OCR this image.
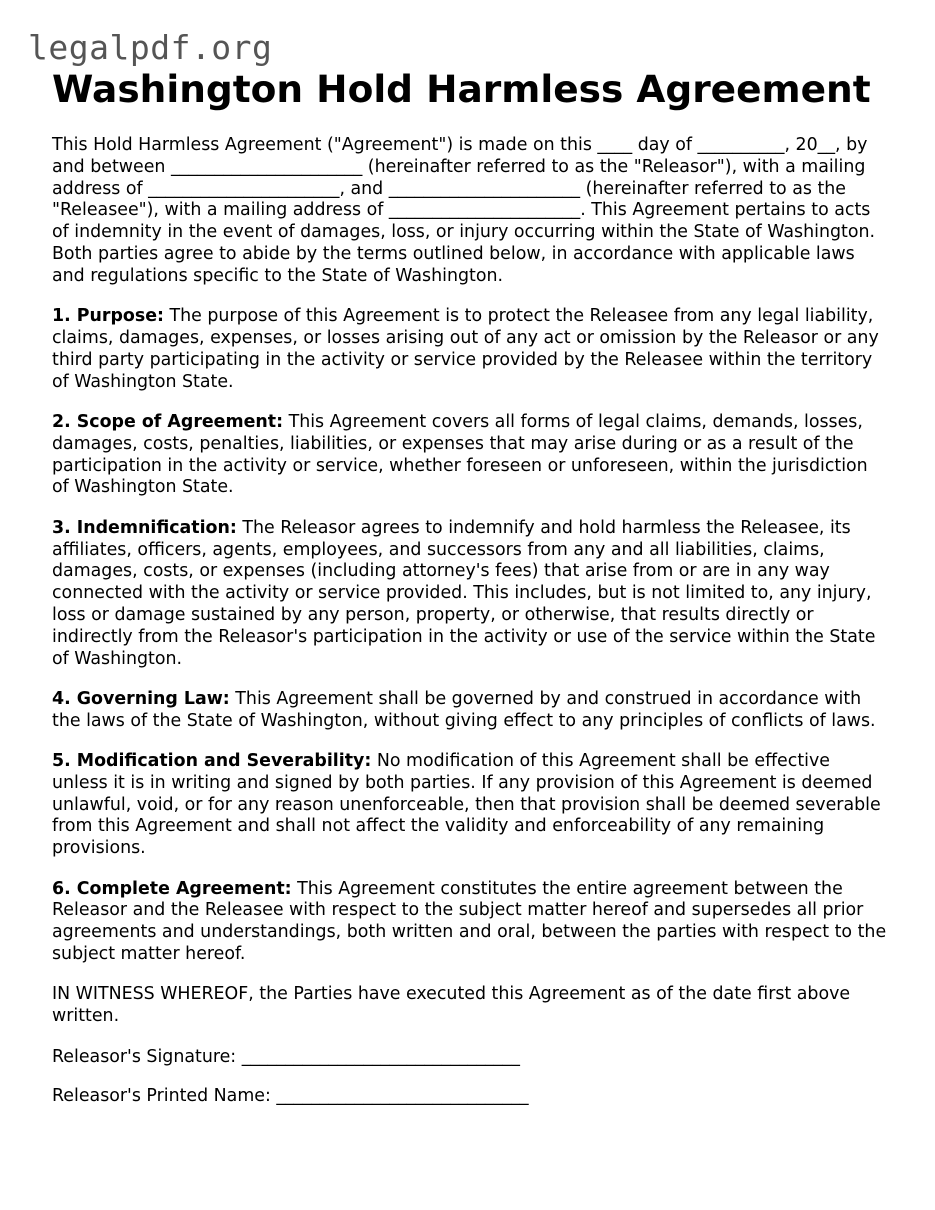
legalpdf.org
Washington Hold Harmless Agreement

This Hold Harmless Agreement ("Agreement") is made on this ____ day of __________, 20__, by and between ______________________ (hereinafter referred to as the "Releasor"), with a mailing address of ______________________, and ______________________ (hereinafter referred to as the "Releasee"), with a mailing address of ______________________. This Agreement pertains to acts of indemnity in the event of damages, loss, or injury occurring within the State of Washington. Both parties agree to abide by the terms outlined below, in accordance with applicable laws and regulations specific to the State of Washington.

1. Purpose: The purpose of this Agreement is to protect the Releasee from any legal liability, claims, damages, expenses, or losses arising out of any act or omission by the Releasor or any third party participating in the activity or service provided by the Releasee within the territory of Washington State.

2. Scope of Agreement: This Agreement covers all forms of legal claims, demands, losses, damages, costs, penalties, liabilities, or expenses that may arise during or as a result of the participation in the activity or service, whether foreseen or unforeseen, within the jurisdiction of Washington State.

3. Indemnification: The Releasor agrees to indemnify and hold harmless the Releasee, its affiliates, officers, agents, employees, and successors from any and all liabilities, claims, damages, costs, or expenses (including attorney's fees) that arise from or are in any way connected with the activity or service provided. This includes, but is not limited to, any injury, loss or damage sustained by any person, property, or otherwise, that results directly or indirectly from the Releasor's participation in the activity or use of the service within the State of Washington.

4. Governing Law: This Agreement shall be governed by and construed in accordance with the laws of the State of Washington, without giving effect to any principles of conflicts of laws.

5. Modification and Severability: No modification of this Agreement shall be effective unless it is in writing and signed by both parties. If any provision of this Agreement is deemed unlawful, void, or for any reason unenforceable, then that provision shall be deemed severable from this Agreement and shall not affect the validity and enforceability of any remaining provisions.

6. Complete Agreement: This Agreement constitutes the entire agreement between the Releasor and the Releasee with respect to the subject matter hereof and supersedes all prior agreements and understandings, both written and oral, between the parties with respect to the subject matter hereof.

IN WITNESS WHEREOF, the Parties have executed this Agreement as of the date first above written.

Releasor's Signature: ________________________________

Releasor's Printed Name: _____________________________
